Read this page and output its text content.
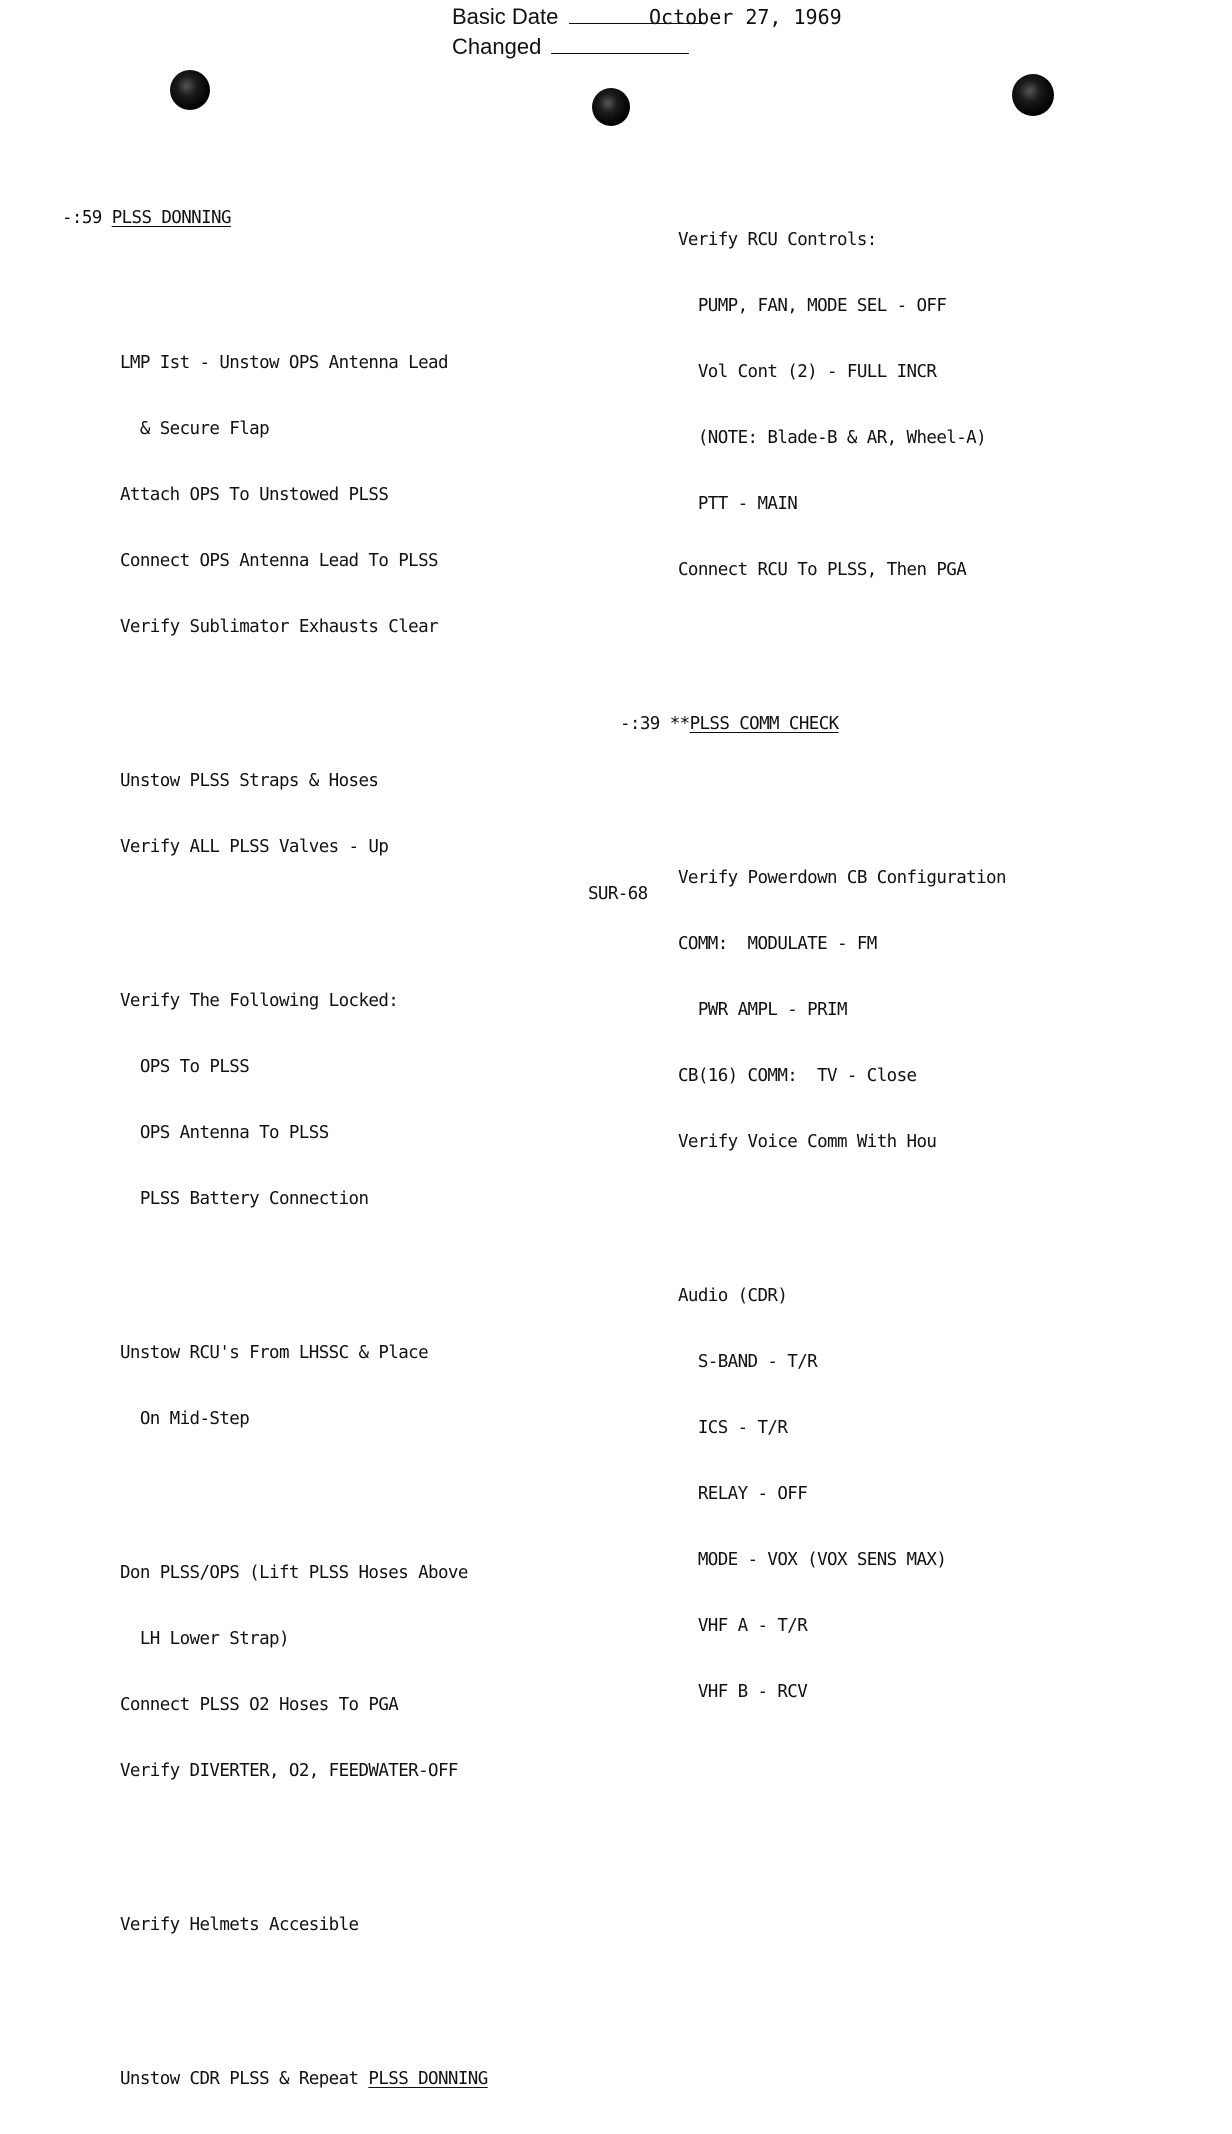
Basic Date	October 27, 1969
Changed

-:59 PLSS DONNING

LMP Ist - Unstow OPS Antenna Lead

& Secure Flap

Attach OPS To Unstowed PLSS

Connect OPS Antenna Lead To PLSS

Verify Sublimator Exhausts Clear

Unstow PLSS Straps & Hoses

Verify ALL PLSS Valves - Up

Verify The Following Locked:

OPS To PLSS

OPS Antenna To PLSS

PLSS Battery Connection

Unstow RCU's From LHSSC & Place

On Mid-Step

Don PLSS/OPS (Lift PLSS Hoses Above

LH Lower Strap)

Connect PLSS O2 Hoses To PGA

Verify DIVERTER, O2, FEEDWATER-OFF

Verify Helmets Accesible

Unstow CDR PLSS & Repeat PLSS DONNING

Verify RCU Controls:

PUMP, FAN, MODE SEL - OFF

Vol Cont (2) - FULL INCR

(NOTE: Blade-B & AR, Wheel-A)

PTT - MAIN

Connect RCU To PLSS, Then PGA

-:39 **PLSS COMM CHECK

Verify Powerdown CB Configuration

COMM:  MODULATE - FM

PWR AMPL - PRIM

CB(16) COMM:  TV - Close

Verify Voice Comm With Hou

Audio (CDR)

S-BAND - T/R

ICS - T/R

RELAY - OFF

MODE - VOX (VOX SENS MAX)

VHF A - T/R

VHF B - RCV

SUR-68
